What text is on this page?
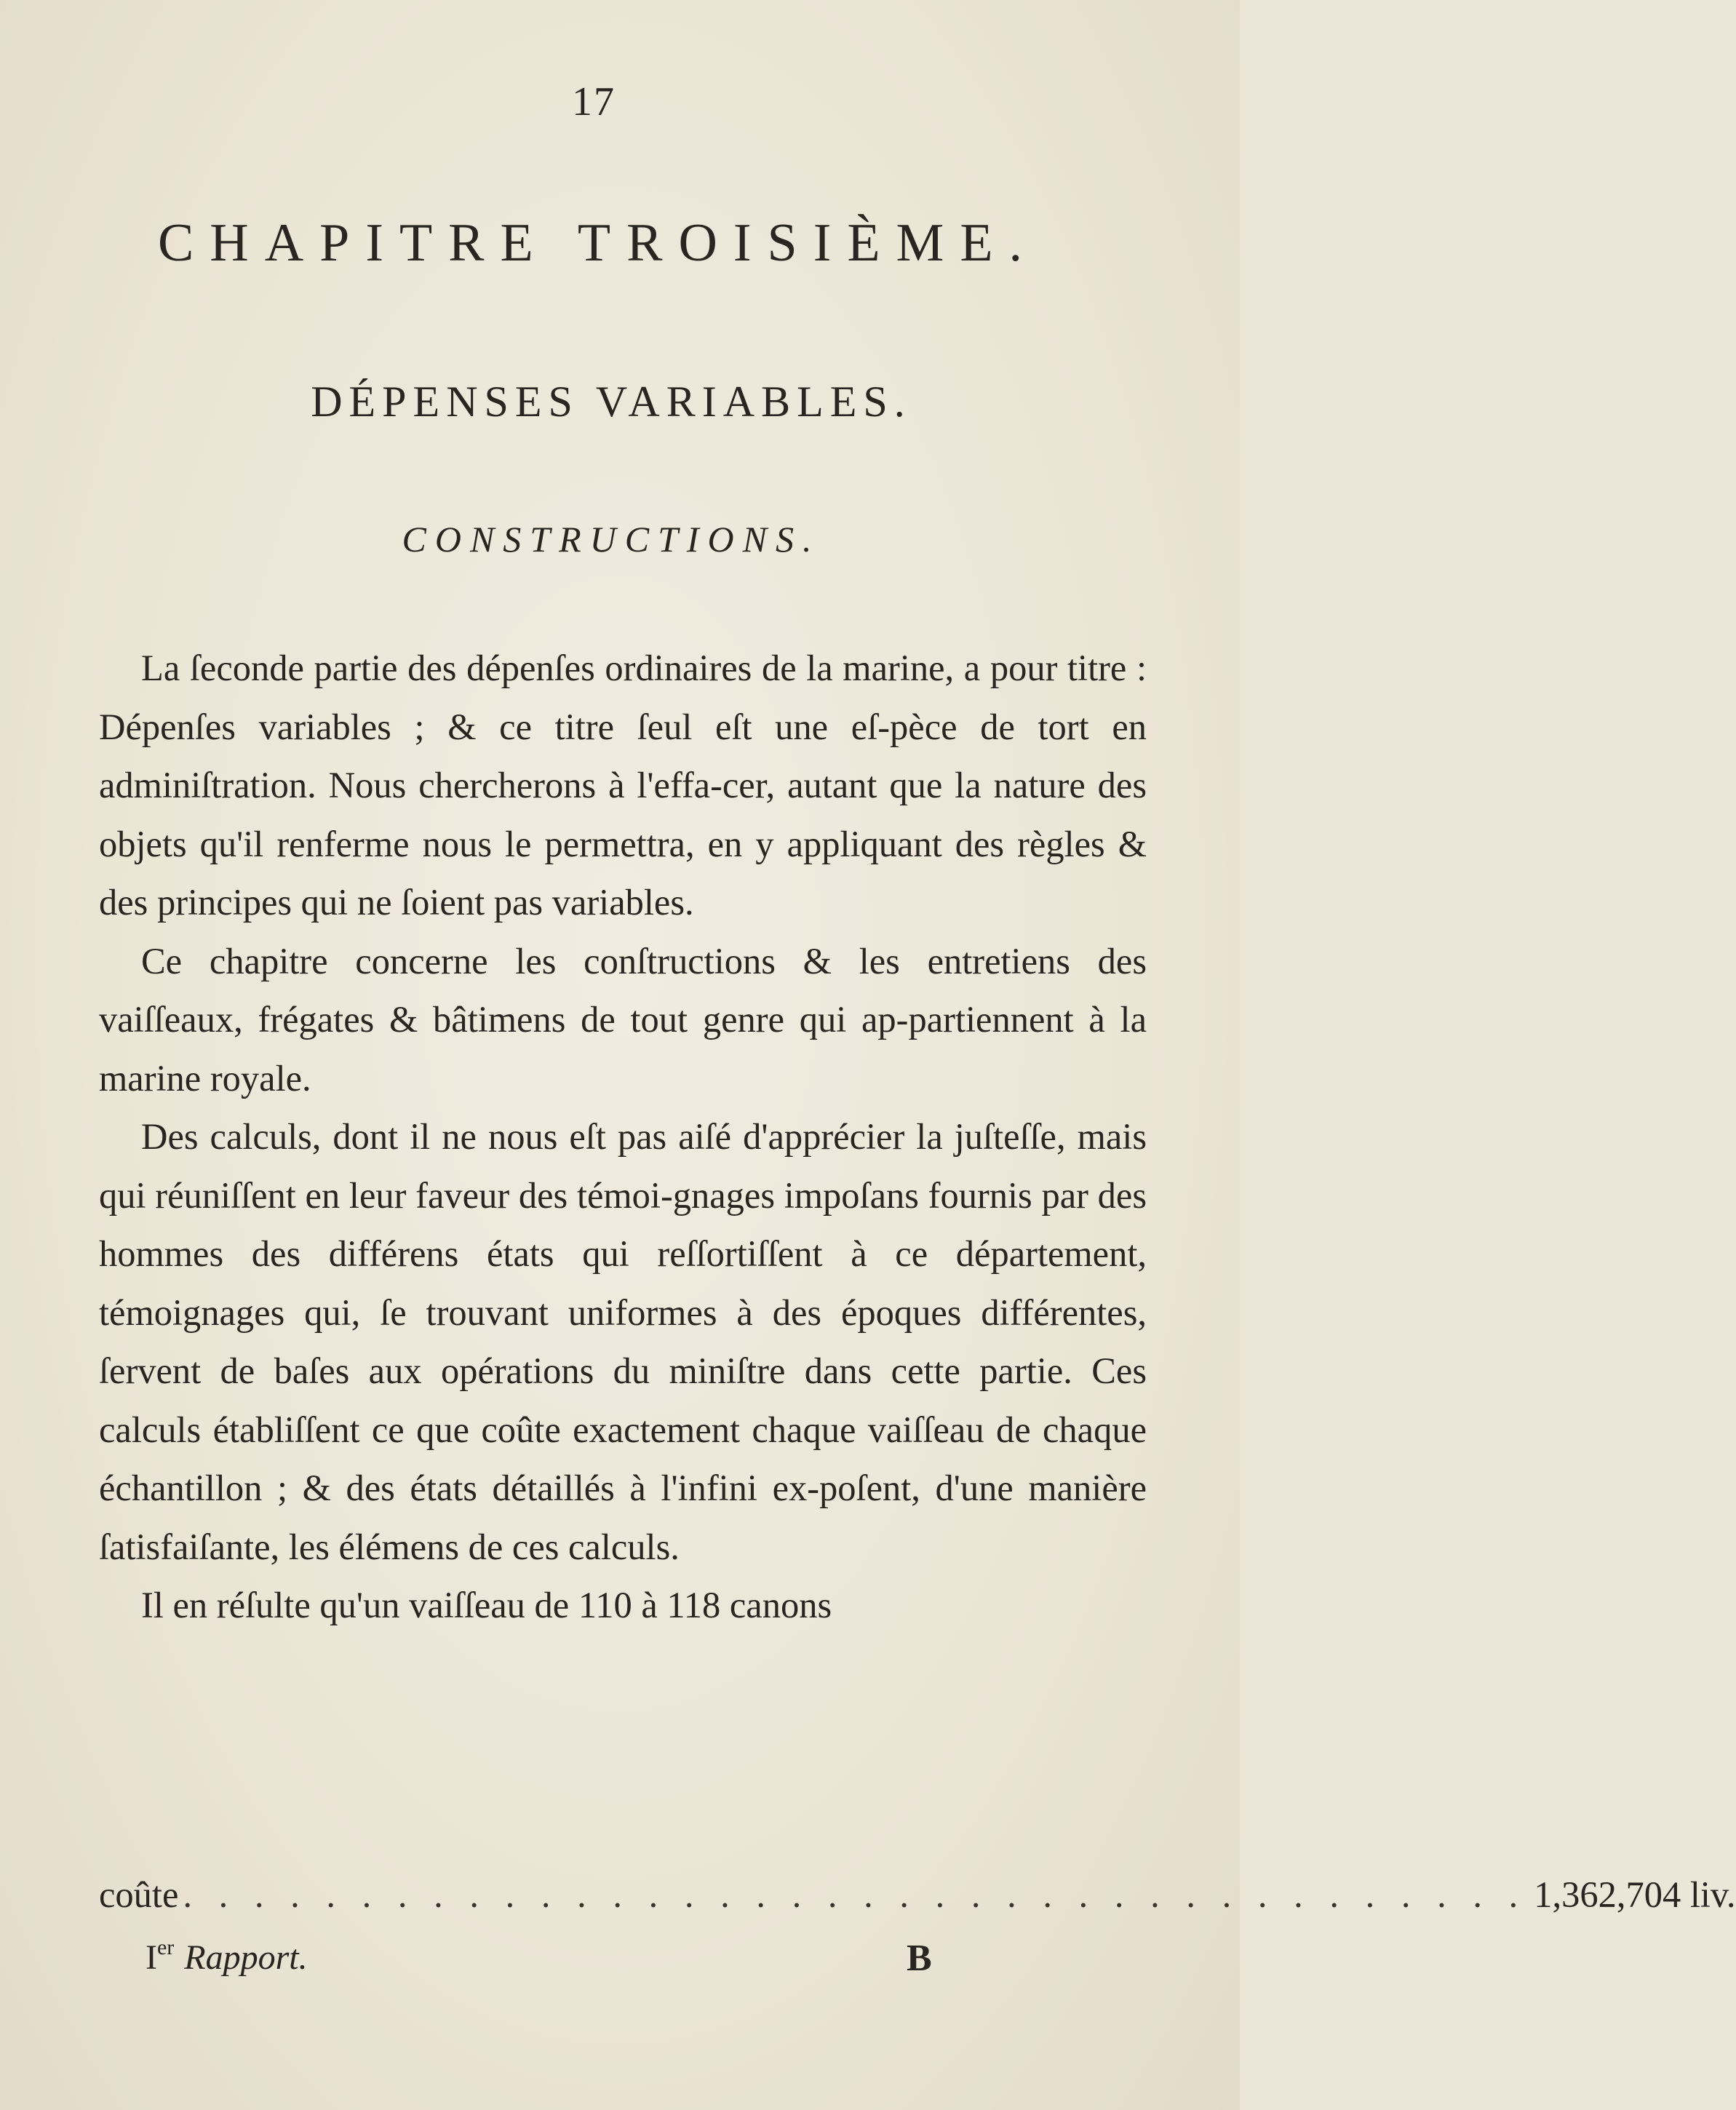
17
CHAPITRE TROISIÈME.
DÉPENSES VARIABLES.
CONSTRUCTIONS.

La ſeconde partie des dépenſes ordinaires de la marine, a pour titre : Dépenſes variables ; & ce titre ſeul eſt une eſ-pèce de tort en adminiſtration. Nous chercherons à l'effa-cer, autant que la nature des objets qu'il renferme nous le permettra, en y appliquant des règles & des principes qui ne ſoient pas variables.

Ce chapitre concerne les conſtructions & les entretiens des vaiſſeaux, frégates & bâtimens de tout genre qui ap-partiennent à la marine royale.

Des calculs, dont il ne nous eſt pas aiſé d'apprécier la juſteſſe, mais qui réuniſſent en leur faveur des témoi-gnages impoſans fournis par des hommes des différens états qui reſſortiſſent à ce département, témoignages qui, ſe trouvant uniformes à des époques différentes, ſervent de baſes aux opérations du miniſtre dans cette partie. Ces calculs établiſſent ce que coûte exactement chaque vaiſſeau de chaque échantillon ; & des états détaillés à l'infini ex-poſent, d'une manière ſatisfaiſante, les élémens de ces calculs.

Il en réſulte qu'un vaiſſeau de 110 à 118 canons

coûte . . . . . . . . . . . . . . . . . . . . . . . . . . . . . . . . . . . . . . 1,362,704 liv.
Ier Rapport.	B
